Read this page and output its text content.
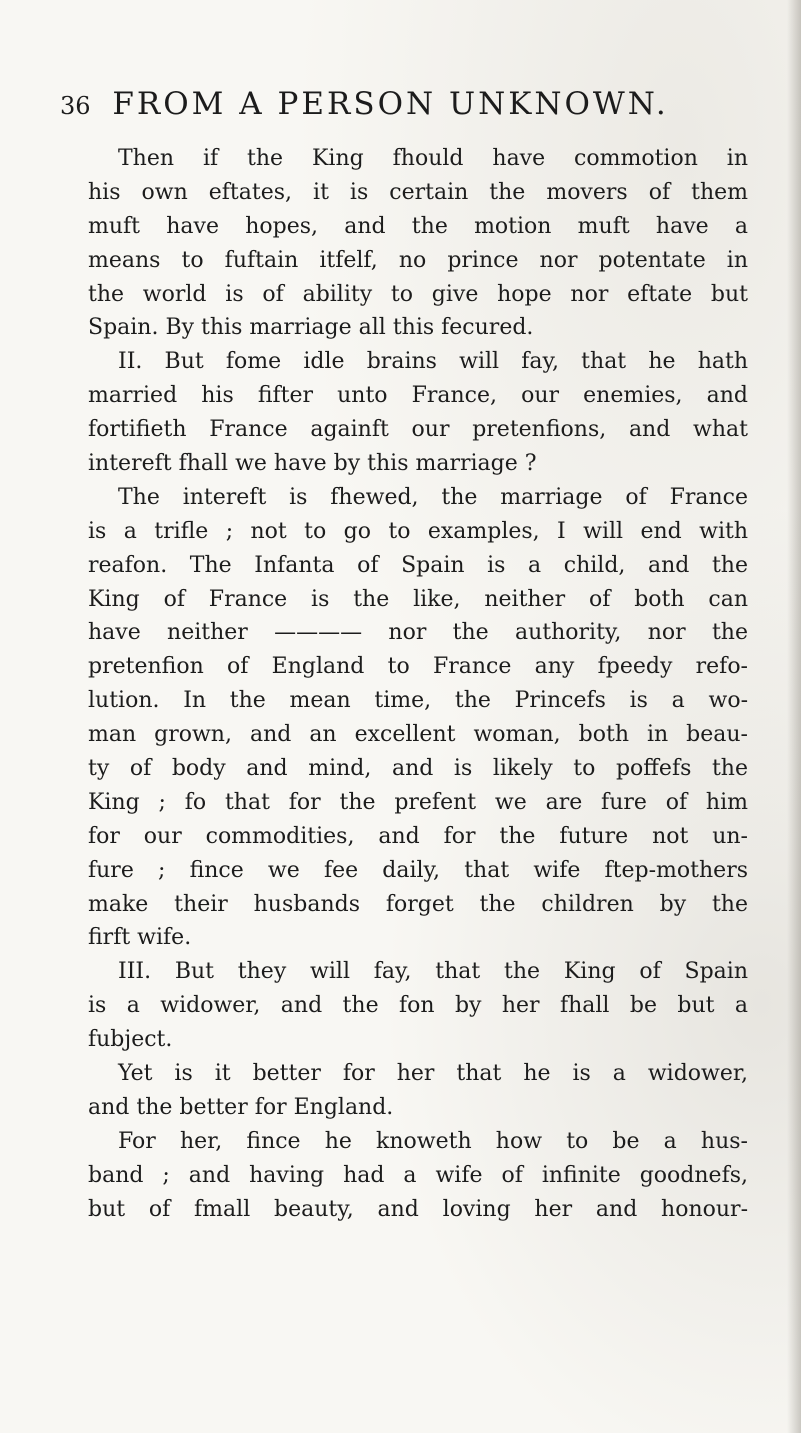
36 FROM A PERSON UNKNOWN.
Then if the King fhould have commotion in
his own eftates, it is certain the movers of them
muft have hopes, and the motion muft have a
means to fuftain itfelf, no prince nor potentate in
the world is of ability to give hope nor eftate but
Spain. By this marriage all this fecured.
II. But fome idle brains will fay, that he hath
married his fifter unto France, our enemies, and
fortifieth France againft our pretenfions, and what
intereft fhall we have by this marriage ?
The intereft is fhewed, the marriage of France
is a trifle ; not to go to examples, I will end with
reafon. The Infanta of Spain is a child, and the
King of France is the like, neither of both can
have neither ———— nor the authority, nor the
pretenfion of England to France any fpeedy refo-
lution. In the mean time, the Princefs is a wo-
man grown, and an excellent woman, both in beau-
ty of body and mind, and is likely to poffefs the
King ; fo that for the prefent we are fure of him
for our commodities, and for the future not un-
fure ; fince we fee daily, that wife ftep-mothers
make their husbands forget the children by the
firft wife.
III. But they will fay, that the King of Spain
is a widower, and the fon by her fhall be but a
fubject.
Yet is it better for her that he is a widower,
and the better for England.
For her, fince he knoweth how to be a hus-
band ; and having had a wife of infinite goodnefs,
but of fmall beauty, and loving her and honour-
